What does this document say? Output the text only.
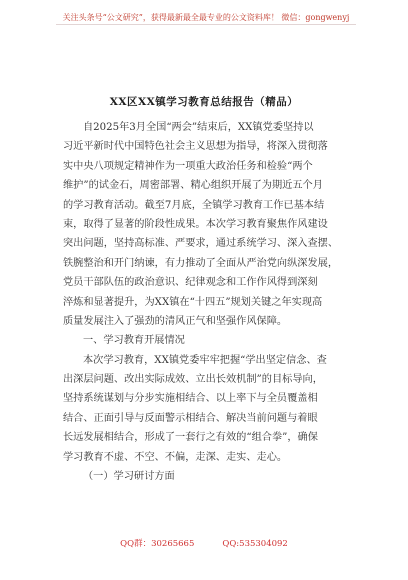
关注头条号“公文研究”，获得最新最全最专业的公文资料库！ 微信：gongwenyj
XX区XX镇学习教育总结报告（精品）
自2025年3月全国“两会”结束后，XX镇党委坚持以
习近平新时代中国特色社会主义思想为指导，将深入贯彻落
实中央八项规定精神作为一项重大政治任务和检验“两个
维护”的试金石，周密部署、精心组织开展了为期近五个月
的学习教育活动。截至7月底，全镇学习教育工作已基本结
束，取得了显著的阶段性成果。本次学习教育聚焦作风建设
突出问题，坚持高标准、严要求，通过系统学习、深入查摆、
铁腕整治和开门纳谏，有力推动了全面从严治党向纵深发展，
党员干部队伍的政治意识、纪律观念和工作作风得到深刻
淬炼和显著提升，为XX镇在“十四五”规划关键之年实现高
质量发展注入了强劲的清风正气和坚强作风保障。
一、学习教育开展情况
本次学习教育，XX镇党委牢牢把握“学出坚定信念、查
出深层问题、改出实际成效、立出长效机制”的目标导向，
坚持系统谋划与分步实施相结合、以上率下与全员覆盖相
结合、正面引导与反面警示相结合、解决当前问题与着眼
长远发展相结合，形成了一套行之有效的“组合拳”，确保
学习教育不虚、不空、不偏，走深、走实、走心。
（一）学习研讨方面
QQ群：30265665	QQ:535304092
